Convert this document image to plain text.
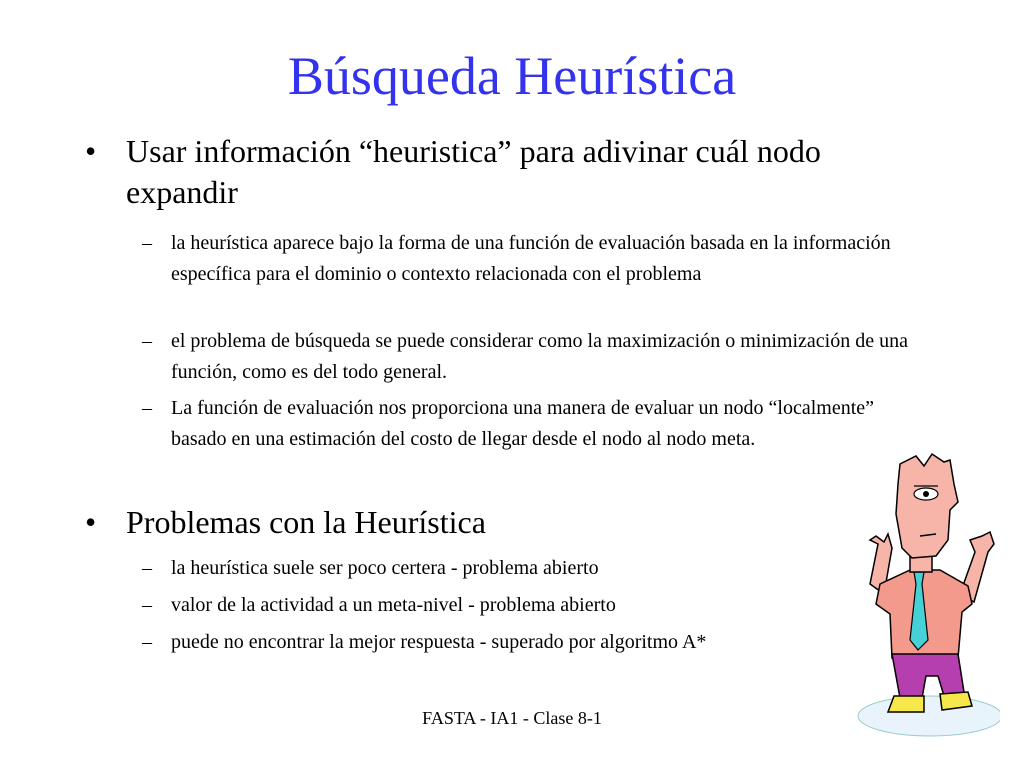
Búsqueda Heurística
• Usar información “heuristica” para adivinar cuál nodo expandir
– la heurística aparece bajo la forma de una función de evaluación basada en la información específica para el dominio o contexto relacionada con el problema
– el problema de búsqueda se puede considerar como la maximización o minimización de una función, como es del todo general.
– La función de evaluación nos proporciona una manera de evaluar un nodo “localmente” basado en una estimación del costo de llegar desde el nodo al nodo meta.
• Problemas con la Heurística
– la heurística suele ser poco certera - problema abierto
– valor de la actividad a un meta-nivel - problema abierto
– puede no encontrar la mejor respuesta - superado por algoritmo A*
FASTA - IA1 - Clase 8-1
